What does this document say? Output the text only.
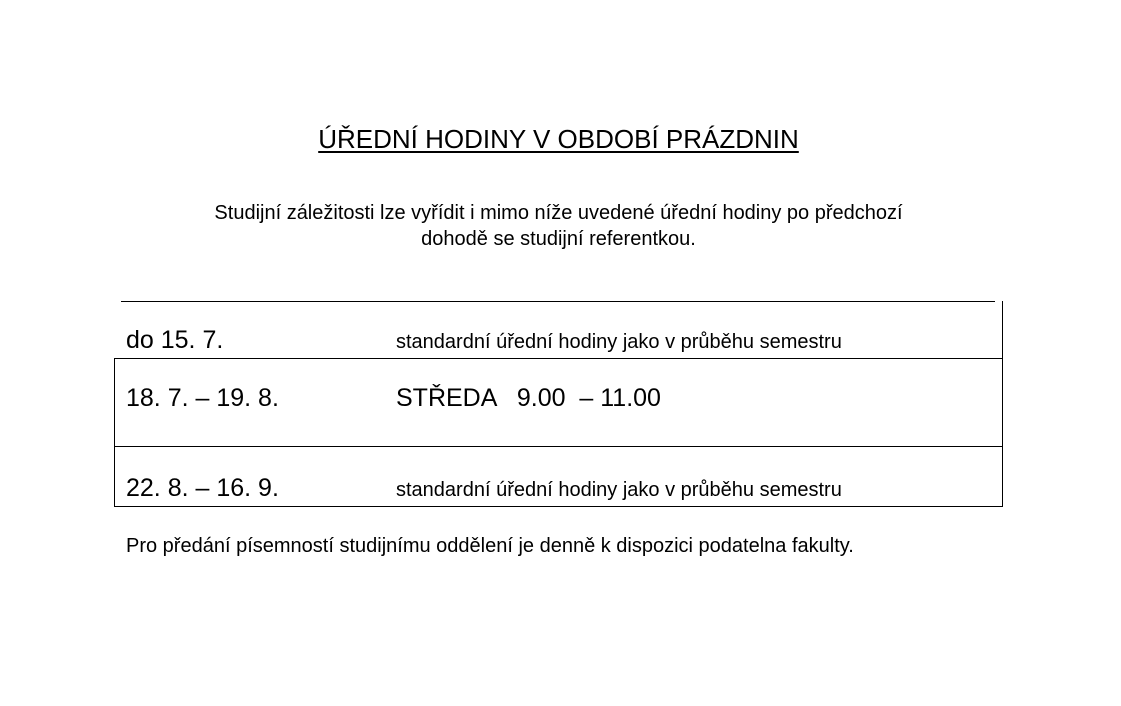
ÚŘEDNÍ HODINY V OBDOBÍ PRÁZDNIN
Studijní záležitosti lze vyřídit i mimo níže uvedené úřední hodiny po předchozí
dohodě se studijní referentkou.
do 15. 7.	standardní úřední hodiny jako v průběhu semestru
18. 7. – 19. 8.	STŘEDA   9.00  – 11.00
22. 8. – 16. 9.	standardní úřední hodiny jako v průběhu semestru
Pro předání písemností studijnímu oddělení je denně k dispozici podatelna fakulty.
